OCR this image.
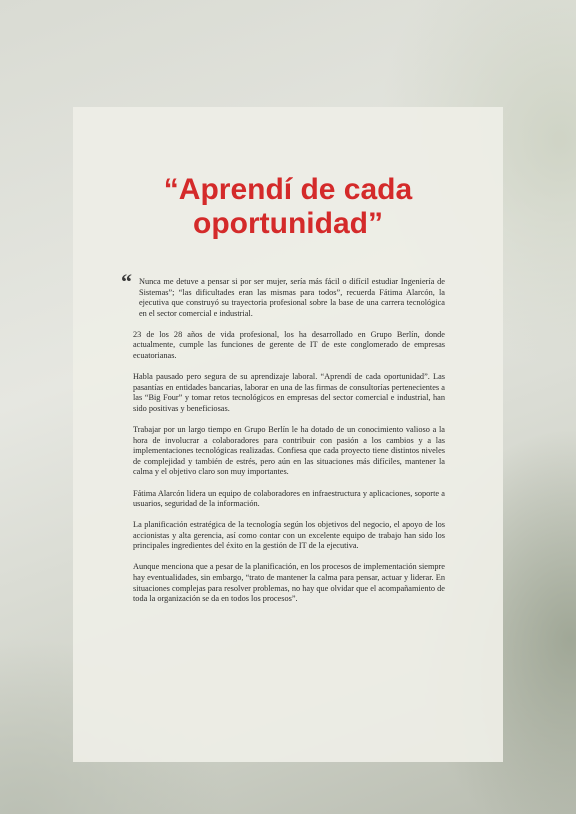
“Aprendí de cada
oportunidad”

“ Nunca me detuve a pensar si por ser mujer, sería más fácil o difícil estudiar Ingeniería de Sistemas”; “las dificultades eran las mismas para todos”, recuerda Fátima Alarcón, la ejecutiva que construyó su trayectoria profesional sobre la base de una carrera tecnológica en el sector comercial e industrial.

23 de los 28 años de vida profesional, los ha desarrollado en Grupo Berlín, donde actualmente, cumple las funciones de gerente de IT de este conglomerado de empresas ecuatorianas.

Habla pausado pero segura de su aprendizaje laboral. “Aprendí de cada oportunidad”. Las pasantías en entidades bancarias, laborar en una de las firmas de consultorías pertenecientes a las “Big Four” y tomar retos tecnológicos en empresas del sector comercial e industrial, han sido positivas y beneficiosas.

Trabajar por un largo tiempo en Grupo Berlín le ha dotado de un conocimiento valioso a la hora de involucrar a colaboradores para contribuir con pasión a los cambios y a las implementaciones tecnológicas realizadas. Confiesa que cada proyecto tiene distintos niveles de complejidad y también de estrés, pero aún en las situaciones más difíciles, mantener la calma y el objetivo claro son muy importantes.

Fátima Alarcón lidera un equipo de colaboradores en infraestructura y aplicaciones, soporte a usuarios, seguridad de la información.

La planificación estratégica de la tecnología según los objetivos del negocio, el apoyo de los accionistas y alta gerencia, así como contar con un excelente equipo de trabajo han sido los principales ingredientes del éxito en la gestión de IT de la ejecutiva.

Aunque menciona que a pesar de la planificación, en los procesos de implementación siempre hay eventualidades, sin embargo, “trato de mantener la calma para pensar, actuar y liderar. En situaciones complejas para resolver problemas, no hay que olvidar que el acompañamiento de toda la organización se da en todos los procesos”.
